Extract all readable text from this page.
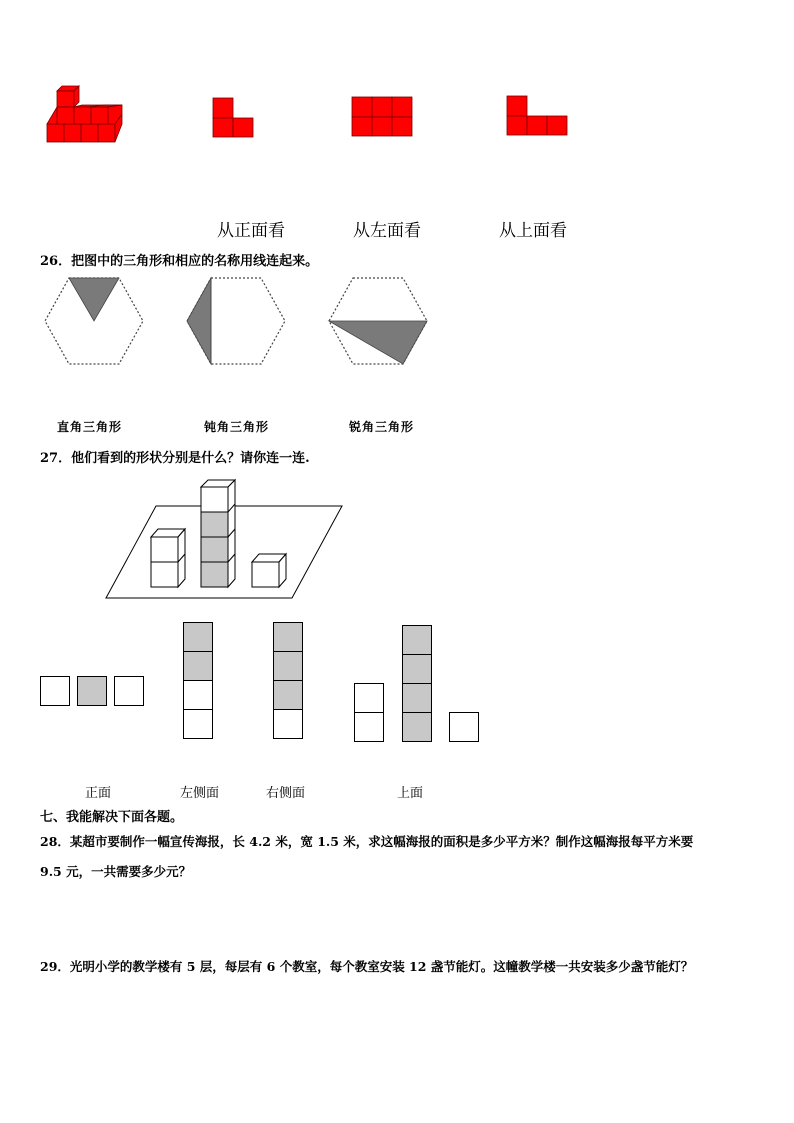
从正面看	从左面看	从上面看
26．把图中的三角形和相应的名称用线连起来。
直角三角形	钝角三角形	锐角三角形
27．他们看到的形状分别是什么？请你连一连.
正面	左侧面	右侧面	上面
七、我能解决下面各题。
28．某超市要制作一幅宣传海报，长 4.2 米，宽 1.5 米，求这幅海报的面积是多少平方米？制作这幅海报每平方米要
9.5 元，一共需要多少元？
29．光明小学的教学楼有 5 层，每层有 6 个教室，每个教室安装 12 盏节能灯。这幢教学楼一共安装多少盏节能灯？
